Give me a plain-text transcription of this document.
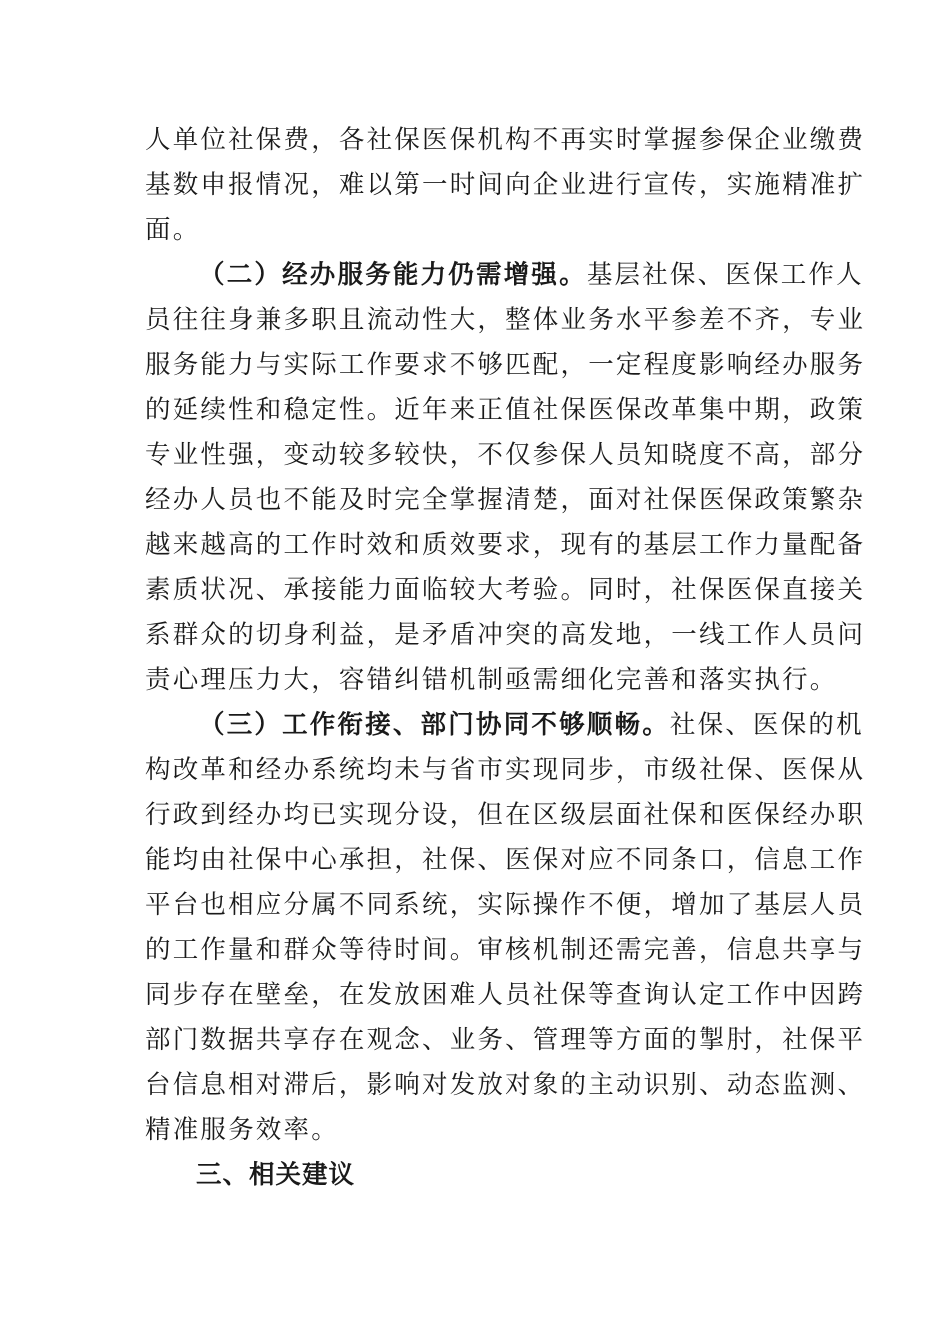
人单位社保费，各社保医保机构不再实时掌握参保企业缴费
基数申报情况，难以第一时间向企业进行宣传，实施精准扩
面。
（二）经办服务能力仍需增强。基层社保、医保工作人
员往往身兼多职且流动性大，整体业务水平参差不齐，专业
服务能力与实际工作要求不够匹配，一定程度影响经办服务
的延续性和稳定性。近年来正值社保医保改革集中期，政策
专业性强，变动较多较快，不仅参保人员知晓度不高，部分
经办人员也不能及时完全掌握清楚，面对社保医保政策繁杂
越来越高的工作时效和质效要求，现有的基层工作力量配备
素质状况、承接能力面临较大考验。同时，社保医保直接关
系群众的切身利益，是矛盾冲突的高发地，一线工作人员问
责心理压力大，容错纠错机制亟需细化完善和落实执行。
（三）工作衔接、部门协同不够顺畅。社保、医保的机
构改革和经办系统均未与省市实现同步，市级社保、医保从
行政到经办均已实现分设，但在区级层面社保和医保经办职
能均由社保中心承担，社保、医保对应不同条口，信息工作
平台也相应分属不同系统，实际操作不便，增加了基层人员
的工作量和群众等待时间。审核机制还需完善，信息共享与
同步存在壁垒，在发放困难人员社保等查询认定工作中因跨
部门数据共享存在观念、业务、管理等方面的掣肘，社保平
台信息相对滞后，影响对发放对象的主动识别、动态监测、
精准服务效率。
三、相关建议
